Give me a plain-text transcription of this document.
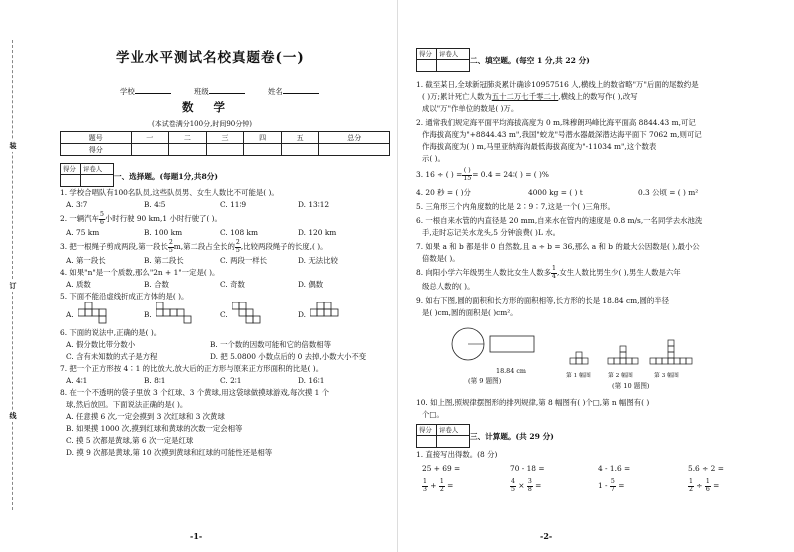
装
订
线
学业水平测试名校真题卷(一)
学校	班级	姓名
数 学
(本试卷满分100分,时间90分钟)
题号	一	二	三	四	五	总分
得分						
得分 评卷人
一、选择题。(每题1分,共8分)
1. 学校合唱队有100名队员,这些队员男、女生人数比不可能是( )。
A. 3∶7	B. 4∶5	C. 11∶9	D. 13∶12
2. 一辆汽车 $\frac{5}{6}$ 小时行驶 90 km,1 小时行驶了( )。
A. 75 km	B. 100 km	C. 108 km	D. 120 km
3. 把一根绳子剪成两段,第一段长 $\frac{2}{5} m$,第二段占全长的 $\frac{2}{5}$ ,比较两段绳子的长度,( )。
A. 第一段长	B. 第二段长	C. 两段一样长	D. 无法比较
4. 如果"n"是一个质数,那么"2n + 1"一定是( )。
A. 质数	B. 合数	C. 奇数	D. 偶数
5. 下面不能沿虚线折成正方体的是( )。
A.	B.	C.	D.
6. 下面的说法中,正确的是( )。
A. 假分数比带分数小	B. 一个数的因数可能和它的倍数相等
C. 含有未知数的式子是方程	D. 把 5.0800 小数点后的 0 去掉,小数大小不变
7. 把一个正方形按 4∶1 的比放大,放大后的正方形与原来正方形面积的比是( )。
A. 4∶1	B. 8∶1	C. 2∶1	D. 16∶1
8. 在一个不透明的袋子里放 3 个红球、3 个黄球,用这袋球做摸球游戏,每次摸 1 个
球,然后放回。下面说法正确的是( )。
A. 任意摸 6 次,一定会摸到 3 次红球和 3 次黄球
B. 如果摸 1000 次,摸到红球和黄球的次数一定会相等
C. 摸 5 次都是黄球,第 6 次一定是红球
D. 摸 9 次都是黄球,第 10 次摸到黄球和红球的可能性还是相等
-1-
得分 评卷人
二、填空题。(每空 1 分,共 22 分)
1. 截至某日,全球新冠肺炎累计确诊10957516 人,横线上的数省略"万"后面的尾数约是
( )万;累计死亡人数为五十二万七千零二十,横线上的数写作( ),改写
成以"万"作单位的数是( )万。
2. 通常我们规定海平面平均海拔高度为 0 m,珠穆朗玛峰比海平面高 8844.43 m,可记
作海拔高度为"+8844.43 m",我国"蛟龙"号潜水器最深潜达海平面下 7062 m,则可记
作海拔高度为( ) m,马里亚纳海沟最低海拔高度为"-11034 m",这个数表
示( )。
3. 16 ÷ ( ) = $\frac{( )}{15} = 0.4$ = 24∶( ) = ( )%
4. 20 秒 = ( )分	4000 kg = ( ) t	0.3 公顷 = ( ) m²
5. 三角形三个内角度数的比是 2∶9∶7,这是一个( )三角形。
6. 一根自来水管的内直径是 20 mm,自来水在管内的速度是 0.8 m/s,一名同学去水池洗
手,走时忘记关水龙头,5 分钟浪费( )L 水。
7. 如果 a 和 b 都是非 0 自然数,且 a ÷ b = 36,那么 a 和 b 的最大公因数是( ),最小公
倍数是( )。
8. 向阳小学六年级男生人数比女生人数多 $\frac{1}{4}$ ,女生人数比男生少( ),男生人数是六年
级总人数的( )。
9. 如右下图,圆的面积和长方形的面积相等,长方形的长是 18.84 cm,圆的半径
是( )cm,圆的面积是( )cm²。
18.84 cm
(第 9 题图)
第 1 幅图	第 2 幅图	第 3 幅图
(第 10 题图)
10. 如上图,照规律摆图形的排列规律,第 8 幅图有( )个□,第 n 幅图有( )
个□。
得分 评卷人
三、计算题。(共 29 分)
1. 直接写出得数。(8 分)
25 + 69 =	70 - 18 =	4 - 1.6 =	5.6 ÷ 2 =
$\frac{1}{3} + \frac{1}{2}$ =	$\frac{4}{5} \times \frac{3}{8}$ =	$1 - \frac{5}{7}$ =	$\frac{1}{2} \div \frac{1}{6}$ =
-2-
